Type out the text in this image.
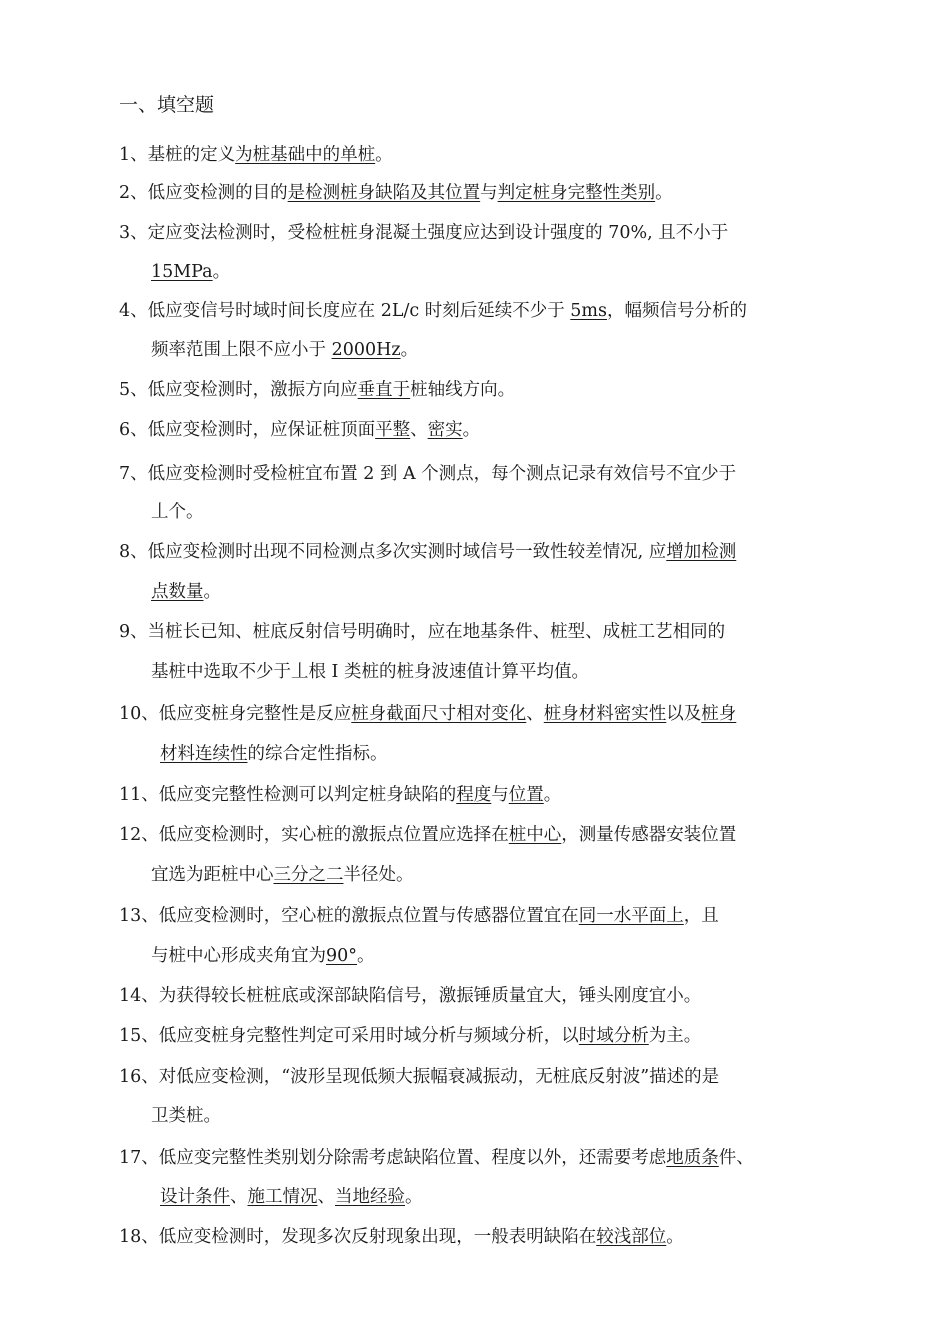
一、填空题
1、基桩的定义为桩基础中的单桩。
2、低应变检测的目的是检测桩身缺陷及其位置与判定桩身完整性类别。
3、定应变法检测时，受检桩桩身混凝土强度应达到设计强度的 70%, 且不小于
15MPa。
4、低应变信号时域时间长度应在 2L/c 时刻后延续不少于 5ms，幅频信号分析的
频率范围上限不应小于 2000Hz。
5、低应变检测时，激振方向应垂直于桩轴线方向。
6、低应变检测时，应保证桩顶面平整、密实。
7、低应变检测时受检桩宜布置 2 到 A 个测点，每个测点记录有效信号不宜少于
丄个。
8、低应变检测时出现不同检测点多次实测时域信号一致性较差情况, 应增加检测
点数量。
9、当桩长已知、桩底反射信号明确时，应在地基条件、桩型、成桩工艺相同的
基桩中选取不少于丄根 I 类桩的桩身波速值计算平均值。
10、低应变桩身完整性是反应桩身截面尺寸相对变化、桩身材料密实性以及桩身
材料连续性的综合定性指标。
11、低应变完整性检测可以判定桩身缺陷的程度与位置。
12、低应变检测时，实心桩的激振点位置应选择在桩中心，测量传感器安装位置
宜选为距桩中心三分之二半径处。
13、低应变检测时，空心桩的激振点位置与传感器位置宜在同一水平面上，且
与桩中心形成夹角宜为90°。
14、为获得较长桩桩底或深部缺陷信号，激振锤质量宜大，锤头刚度宜小。
15、低应变桩身完整性判定可采用时域分析与频域分析，以时域分析为主。
16、对低应变检测，“波形呈现低频大振幅衰减振动，无桩底反射波”描述的是
卫类桩。
17、低应变完整性类别划分除需考虑缺陷位置、程度以外，还需要考虑地质条件、
设计条件、施工情况、当地经验。
18、低应变检测时，发现多次反射现象出现，一般表明缺陷在较浅部位。
